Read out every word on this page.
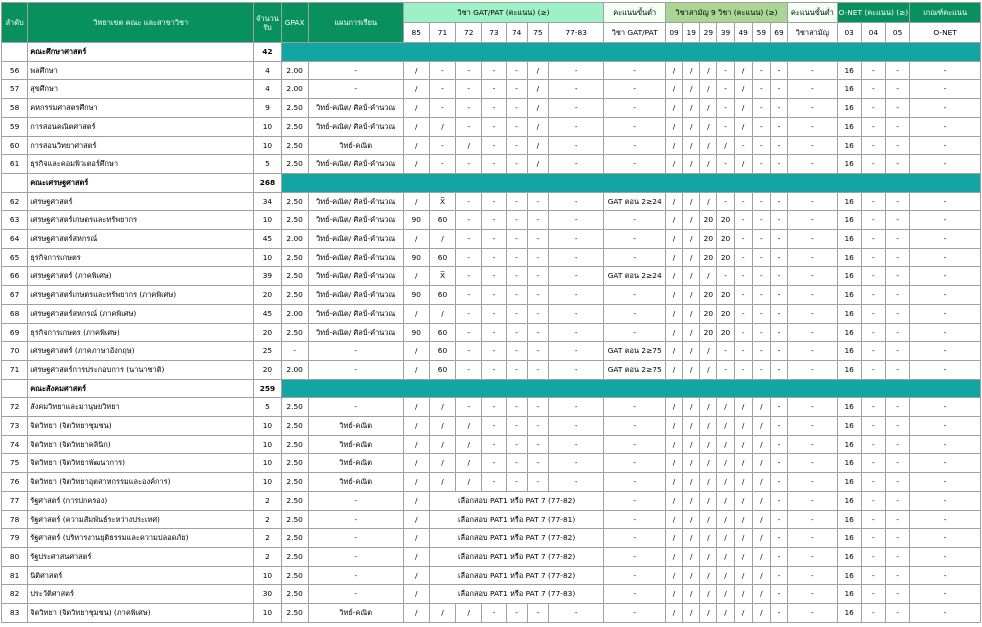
ลำดับ	วิทยาเขต คณะ และสาขาวิชา	จำนวนรับ	GPAX	แผนการเรียน	วิชา GAT/PAT (คะแนน) (≥)							คะแนนขั้นต่ำ	วิชาสามัญ 9 วิชา (คะแนน) (≥)							คะแนนขั้นต่ำ	O-NET (คะแนน) (≥)			เกณฑ์คะแนน
					85	71	72	73	74	75	77-83	วิชา GAT/PAT	09	19	29	39	49	59	69	วิชาสามัญ	03	04	05	O-NET
	คณะศึกษาศาสตร์	42																						
56	พลศึกษา	4	2.00	-	/	-	-	-	-	/	-	-	/	/	/	-	/	-	-	-	16	-	-	-
57	สุขศึกษา	4	2.00	-	/	-	-	-	-	/	-	-	/	/	/	-	/	-	-	-	16	-	-	-
58	คหกรรมศาสตรศึกษา	9	2.50	วิทย์-คณิต/ ศิลป์-คำนวณ	/	-	-	-	-	/	-	-	/	/	/	-	/	-	-	-	16	-	-	-
59	การสอนคณิตศาสตร์	10	2.50	วิทย์-คณิต/ ศิลป์-คำนวณ	/	/	-	-	-	/	-	-	/	/	/	-	/	-	-	-	16	-	-	-
60	การสอนวิทยาศาสตร์	10	2.50	วิทย์-คณิต	/	-	/	-	-	/	-	-	/	/	/	/	-	-	-	-	16	-	-	-
61	ธุรกิจและคอมพิวเตอร์ศึกษา	5	2.50	วิทย์-คณิต/ ศิลป์-คำนวณ	/	-	-	-	-	/	-	-	/	/	/	-	/	-	-	-	16	-	-	-
	คณะเศรษฐศาสตร์	268																						
62	เศรษฐศาสตร์	34	2.50	วิทย์-คณิต/ ศิลป์-คำนวณ	/	X̅	-	-	-	-	-	GAT ตอน 2≥24	/	/	/	-	-	-	-	-	16	-	-	-
63	เศรษฐศาสตร์เกษตรและทรัพยากร	10	2.50	วิทย์-คณิต/ ศิลป์-คำนวณ	90	60	-	-	-	-	-	-	/	/	20	20	-	-	-	-	16	-	-	-
64	เศรษฐศาสตร์สหกรณ์	45	2.00	วิทย์-คณิต/ ศิลป์-คำนวณ	/	/	-	-	-	-	-	-	/	/	20	20	-	-	-	-	16	-	-	-
65	ธุรกิจการเกษตร	10	2.50	วิทย์-คณิต/ ศิลป์-คำนวณ	90	60	-	-	-	-	-	-	/	/	20	20	-	-	-	-	16	-	-	-
66	เศรษฐศาสตร์ (ภาคพิเศษ)	39	2.50	วิทย์-คณิต/ ศิลป์-คำนวณ	/	X̅	-	-	-	-	-	GAT ตอน 2≥24	/	/	/	-	-	-	-	-	16	-	-	-
67	เศรษฐศาสตร์เกษตรและทรัพยากร (ภาคพิเศษ)	20	2.50	วิทย์-คณิต/ ศิลป์-คำนวณ	90	60	-	-	-	-	-	-	/	/	20	20	-	-	-	-	16	-	-	-
68	เศรษฐศาสตร์สหกรณ์ (ภาคพิเศษ)	45	2.00	วิทย์-คณิต/ ศิลป์-คำนวณ	/	/	-	-	-	-	-	-	/	/	20	20	-	-	-	-	16	-	-	-
69	ธุรกิจการเกษตร (ภาคพิเศษ)	20	2.50	วิทย์-คณิต/ ศิลป์-คำนวณ	90	60	-	-	-	-	-	-	/	/	20	20	-	-	-	-	16	-	-	-
70	เศรษฐศาสตร์ (ภาคภาษาอังกฤษ)	25	-	-	/	60	-	-	-	-	-	GAT ตอน 2≥75	/	/	/	-	-	-	-	-	16	-	-	-
71	เศรษฐศาสตร์การประกอบการ (นานาชาติ)	20	2.00	-	/	60	-	-	-	-	-	GAT ตอน 2≥75	/	/	/	-	-	-	-	-	16	-	-	-
	คณะสังคมศาสตร์	259																						
72	สังคมวิทยาและมานุษยวิทยา	5	2.50	-	/	/	-	-	-	-	-	-	/	/	/	/	/	/	-	-	16	-	-	-
73	จิตวิทยา (จิตวิทยาชุมชน)	10	2.50	วิทย์-คณิต	/	/	/	-	-	-	-	-	/	/	/	/	/	/	-	-	16	-	-	-
74	จิตวิทยา (จิตวิทยาคลินิก)	10	2.50	วิทย์-คณิต	/	/	/	-	-	-	-	-	/	/	/	/	/	/	-	-	16	-	-	-
75	จิตวิทยา (จิตวิทยาพัฒนาการ)	10	2.50	วิทย์-คณิต	/	/	/	-	-	-	-	-	/	/	/	/	/	/	-	-	16	-	-	-
76	จิตวิทยา (จิตวิทยาอุตสาหกรรมและองค์การ)	10	2.50	วิทย์-คณิต	/	/	/	-	-	-	-	-	/	/	/	/	/	/	-	-	16	-	-	-
77	รัฐศาสตร์ (การปกครอง)	2	2.50	-	/	เลือกสอบ PAT1 หรือ PAT 7 (77-82)						-	/	/	/	/	/	/	-	-	16	-	-	-
78	รัฐศาสตร์ (ความสัมพันธ์ระหว่างประเทศ)	2	2.50	-	/	เลือกสอบ PAT1 หรือ PAT 7 (77-81)						-	/	/	/	/	/	/	-	-	16	-	-	-
79	รัฐศาสตร์ (บริหารงานยุติธรรมและความปลอดภัย)	2	2.50	-	/	เลือกสอบ PAT1 หรือ PAT 7 (77-82)						-	/	/	/	/	/	/	-	-	16	-	-	-
80	รัฐประศาสนศาสตร์	2	2.50	-	/	เลือกสอบ PAT1 หรือ PAT 7 (77-82)						-	/	/	/	/	/	/	-	-	16	-	-	-
81	นิติศาสตร์	10	2.50	-	/	เลือกสอบ PAT1 หรือ PAT 7 (77-82)						-	/	/	/	/	/	/	-	-	16	-	-	-
82	ประวัติศาสตร์	30	2.50	-	/	เลือกสอบ PAT1 หรือ PAT 7 (77-83)						-	/	/	/	/	/	/	-	-	16	-	-	-
83	จิตวิทยา (จิตวิทยาชุมชน) (ภาคพิเศษ)	10	2.50	วิทย์-คณิต	/	/	/	-	-	-	-	-	/	/	/	/	/	/	-	-	16	-	-	-
